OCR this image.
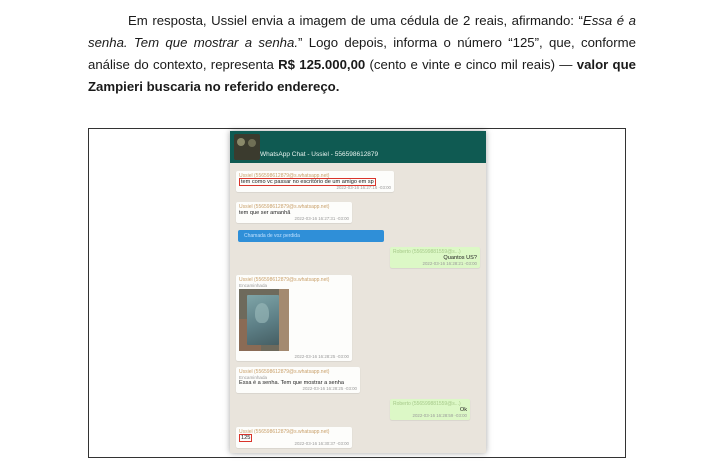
Em resposta, Ussiel envia a imagem de uma cédula de 2 reais, afirmando: “Essa é a senha. Tem que mostrar a senha.” Logo depois, informa o número “125”, que, conforme análise do contexto, representa R$ 125.000,00 (cento e vinte e cinco mil reais) — valor que Zampieri buscaria no referido endereço.
WhatsApp Chat - Ussiel - 556598612879
Ussiel (556598612879@s.whatsapp.net)
tem como vc passar no escritório de um amigo em sp
2022-03-16 16:27:16 -03:00
Ussiel (556598612879@s.whatsapp.net)
tem que ser amanhã
2022-03-16 16:27:31 -03:00
Chamada de voz perdida
Roberto (556599881559@s...)
Quantos US?
2022-03-16 16:28:21 -03:00
Ussiel (556598612879@s.whatsapp.net)
Encaminhada
2022-03-16 16:28:25 -03:00
Ussiel (556598612879@s.whatsapp.net)
Encaminhada
Essa é a senha. Tem que mostrar a senha
2022-03-16 16:28:25 -03:00
Roberto (556599881559@s...)
Ok
2022-03-16 16:28:59 -03:00
Ussiel (556598612879@s.whatsapp.net)
125
2022-03-16 16:30:37 -03:00
